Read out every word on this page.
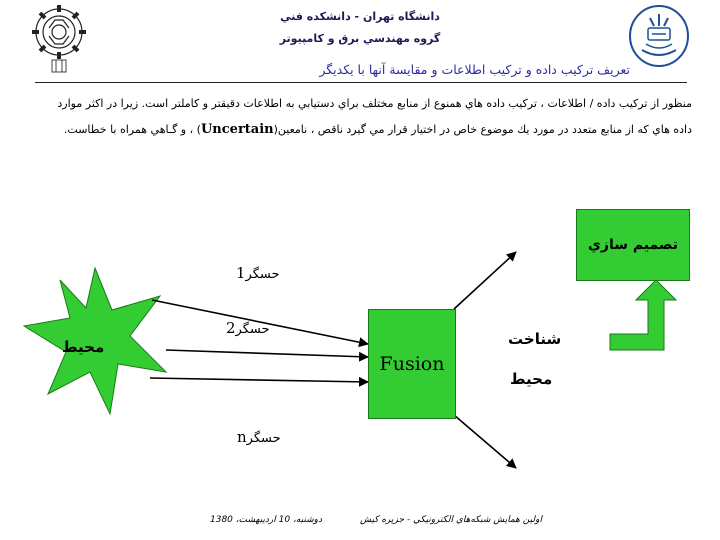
دانشگاه تهران - دانشکده فني
گروه مهندسي برق و کامپيوتر
تعريف ترکيب داده و ترکيب اطلاعات و مقايسة آنها با يکديگر
منظور از ترکيب داده / اطلاعات ، ترکيب داده هاي همنوع از منابع مختلف براي دستيابي به اطلاعات دقيقتر و کاملتر است. زيرا در اکثر موارد
داده هاي که از منابع متعدد در مورد يك موضوع خاص در اختيار قرار مي گيرد ناقص ، نامعين(Uncertain) ، و گـاهي همراه با خطاست.
تصميم سازي
Fusion
محيط	شناخت
محيط
حسگر1
حسگر2
حسگرn
دوشنبه، 10 ارديبهشت، 1380	اولين همايش شبکه‌هاي الکترونيکي - جزيره کيش
